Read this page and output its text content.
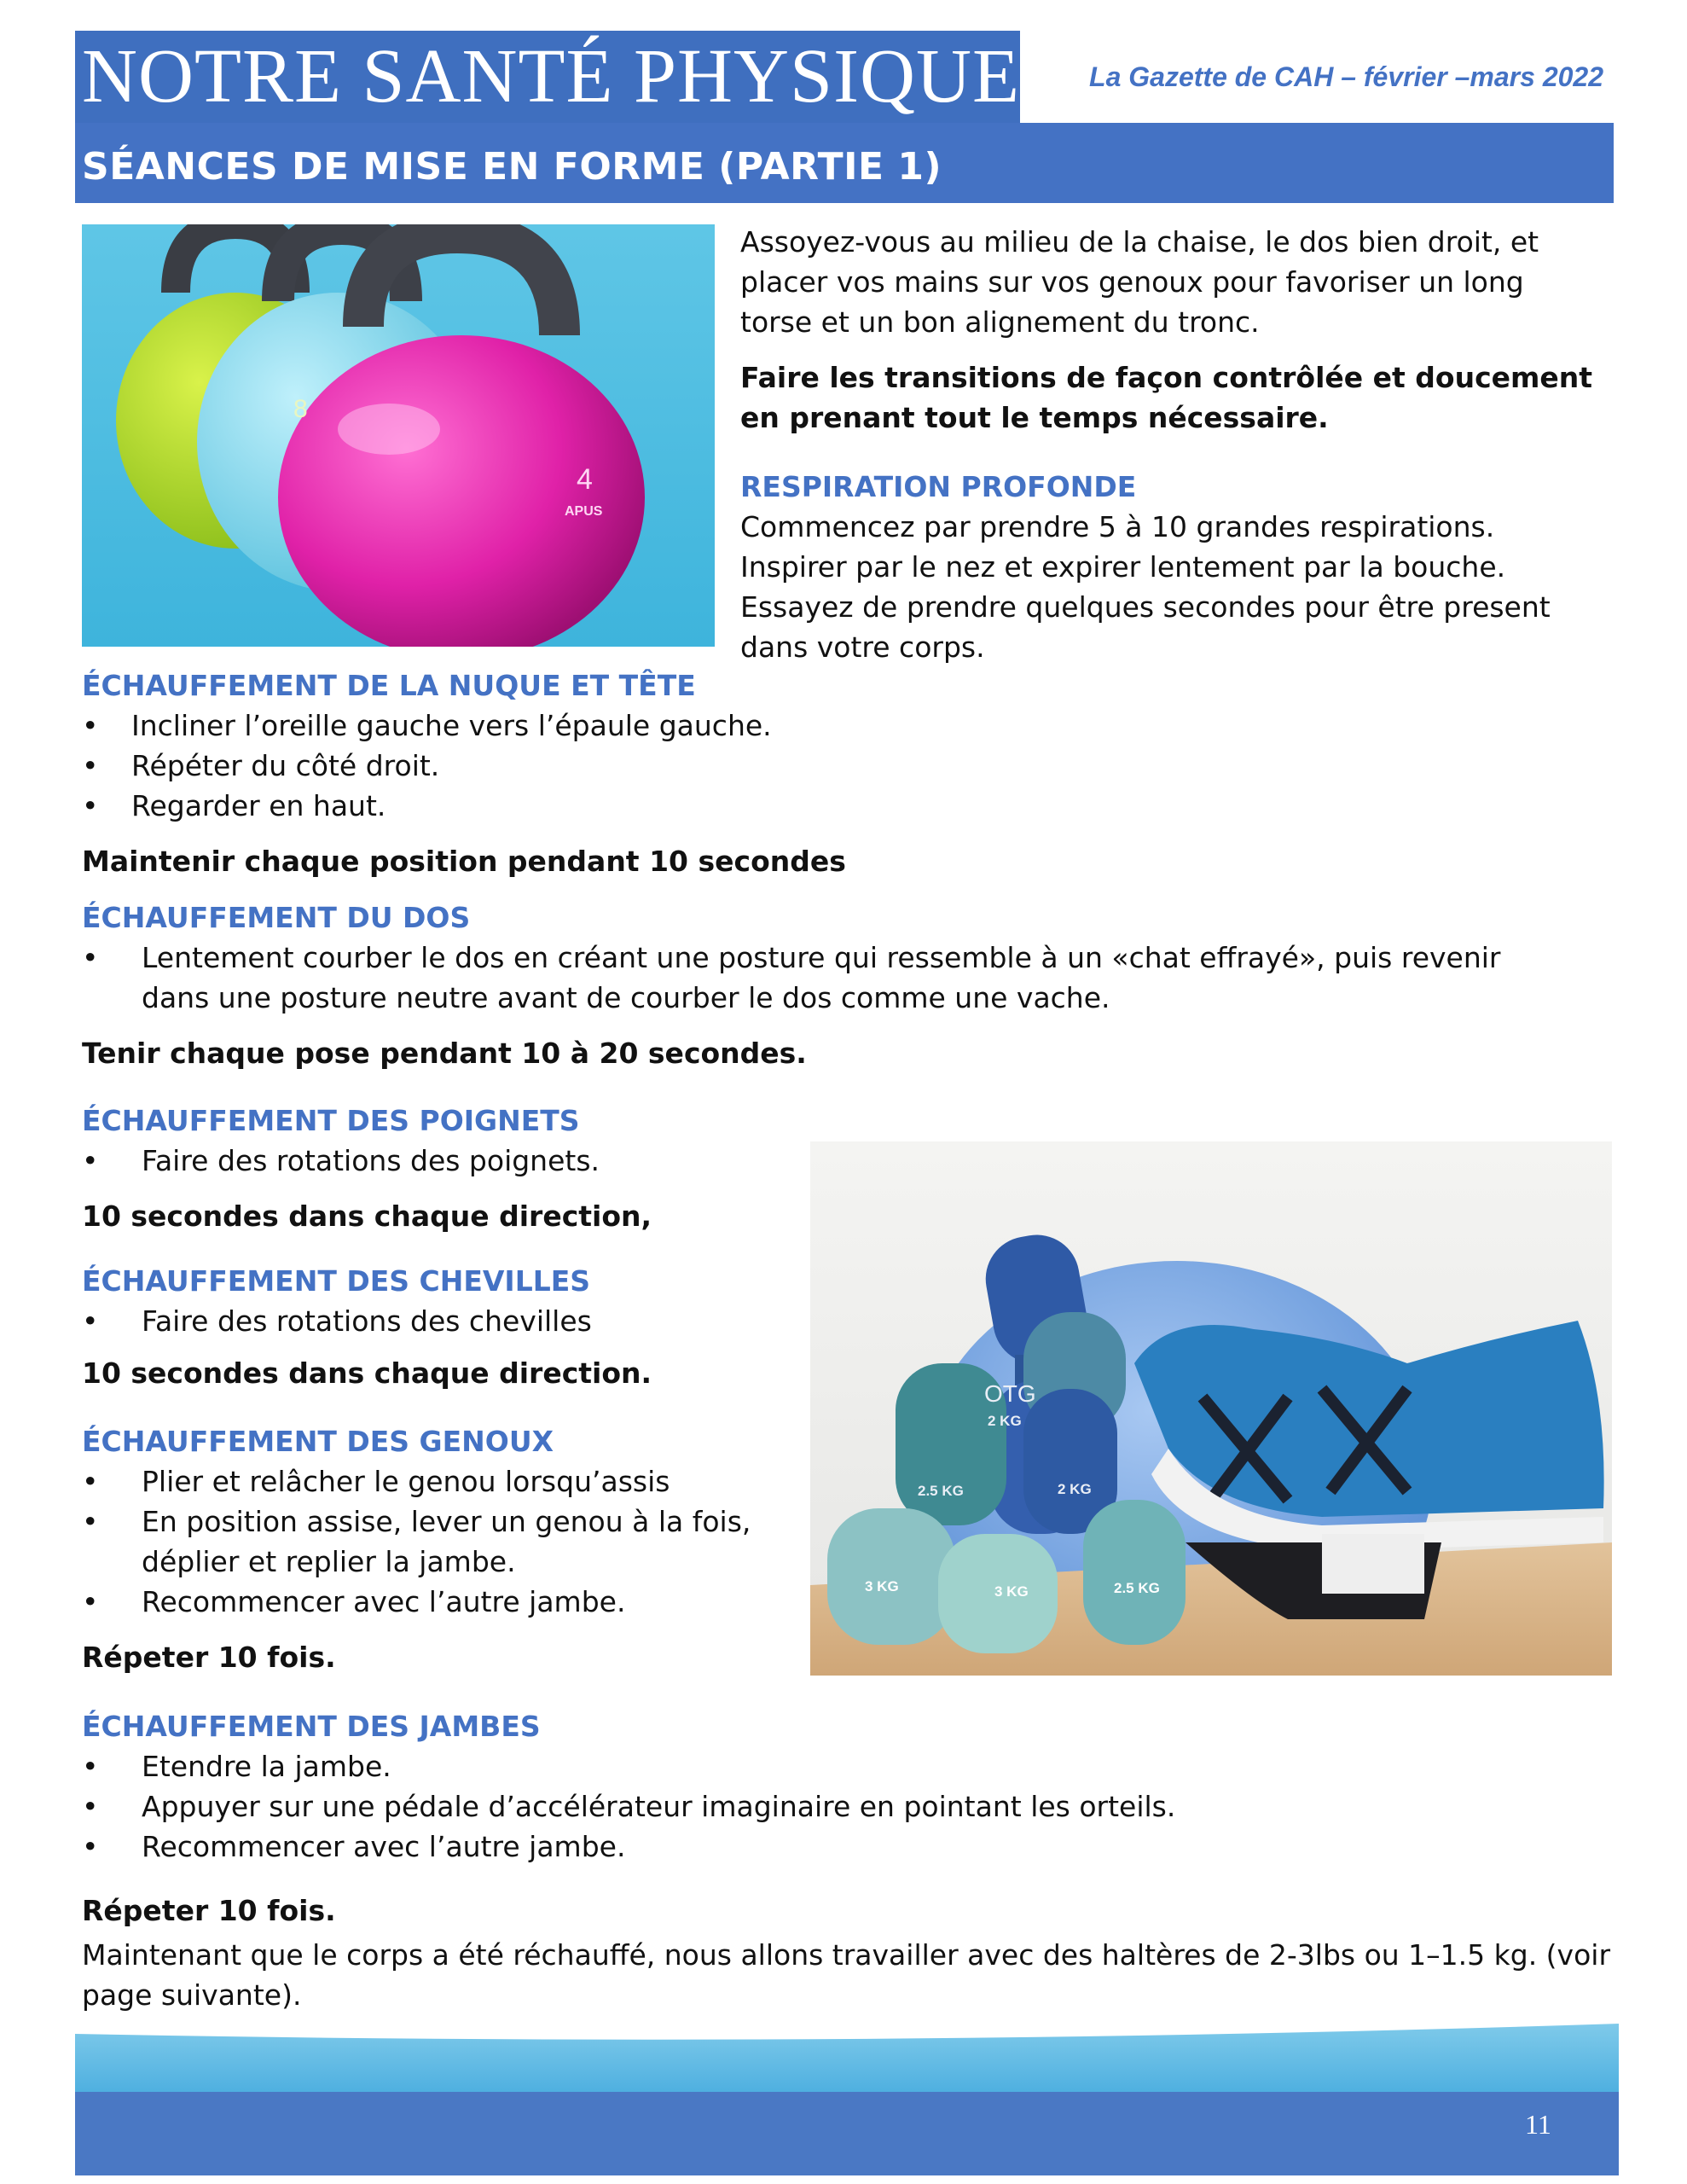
NOTRE SANTÉ PHYSIQUE	La Gazette de CAH – février –mars 2022
SÉANCES DE MISE EN FORME (PARTIE 1)
8
4
APUS

Assoyez-vous au milieu de la chaise, le dos bien droit, et placer vos mains sur vos genoux pour favoriser un long torse et un bon alignement du tronc.

Faire les transitions de façon contrôlée et doucement en prenant tout le temps nécessaire.

RESPIRATION PROFONDE

Commencez par prendre 5 à 10 grandes respirations. Inspirer par le nez et expirer lentement par la bouche. Essayez de prendre quelques secondes pour être present dans votre corps.

ÉCHAUFFEMENT DE LA NUQUE ET TÊTE

•	Incliner l’oreille gauche vers l’épaule gauche.
•	Répéter du côté droit.
•	Regarder en haut.

Maintenir chaque position pendant 10 secondes

ÉCHAUFFEMENT DU DOS

•	Lentement courber le dos en créant une posture qui ressemble à un «chat effrayé», puis revenir dans une posture neutre avant de courber le dos comme une vache.

Tenir chaque pose pendant 10 à 20 secondes.

ÉCHAUFFEMENT DES POIGNETS

•	Faire des rotations des poignets.

10 secondes dans chaque direction,

ÉCHAUFFEMENT DES CHEVILLES

•	Faire des rotations des chevilles

10 secondes dans chaque direction.

ÉCHAUFFEMENT DES GENOUX

•	Plier et relâcher le genou lorsqu’assis
•	En position assise, lever un genou à la fois, déplier et replier la jambe.
•	Recommencer avec l’autre jambe.

Répeter 10 fois.

OTG
2 KG
2.5 KG	2 KG
3 KG	3 KG	2.5 KG

ÉCHAUFFEMENT DES JAMBES

•	Etendre la jambe.
•	Appuyer sur une pédale d’accélérateur imaginaire en pointant les orteils.
•	Recommencer avec l’autre jambe.

Répeter 10 fois.

Maintenant que le corps a été réchauffé, nous allons travailler avec des haltères de 2-3lbs ou 1–1.5 kg. (voir page suivante).

11
